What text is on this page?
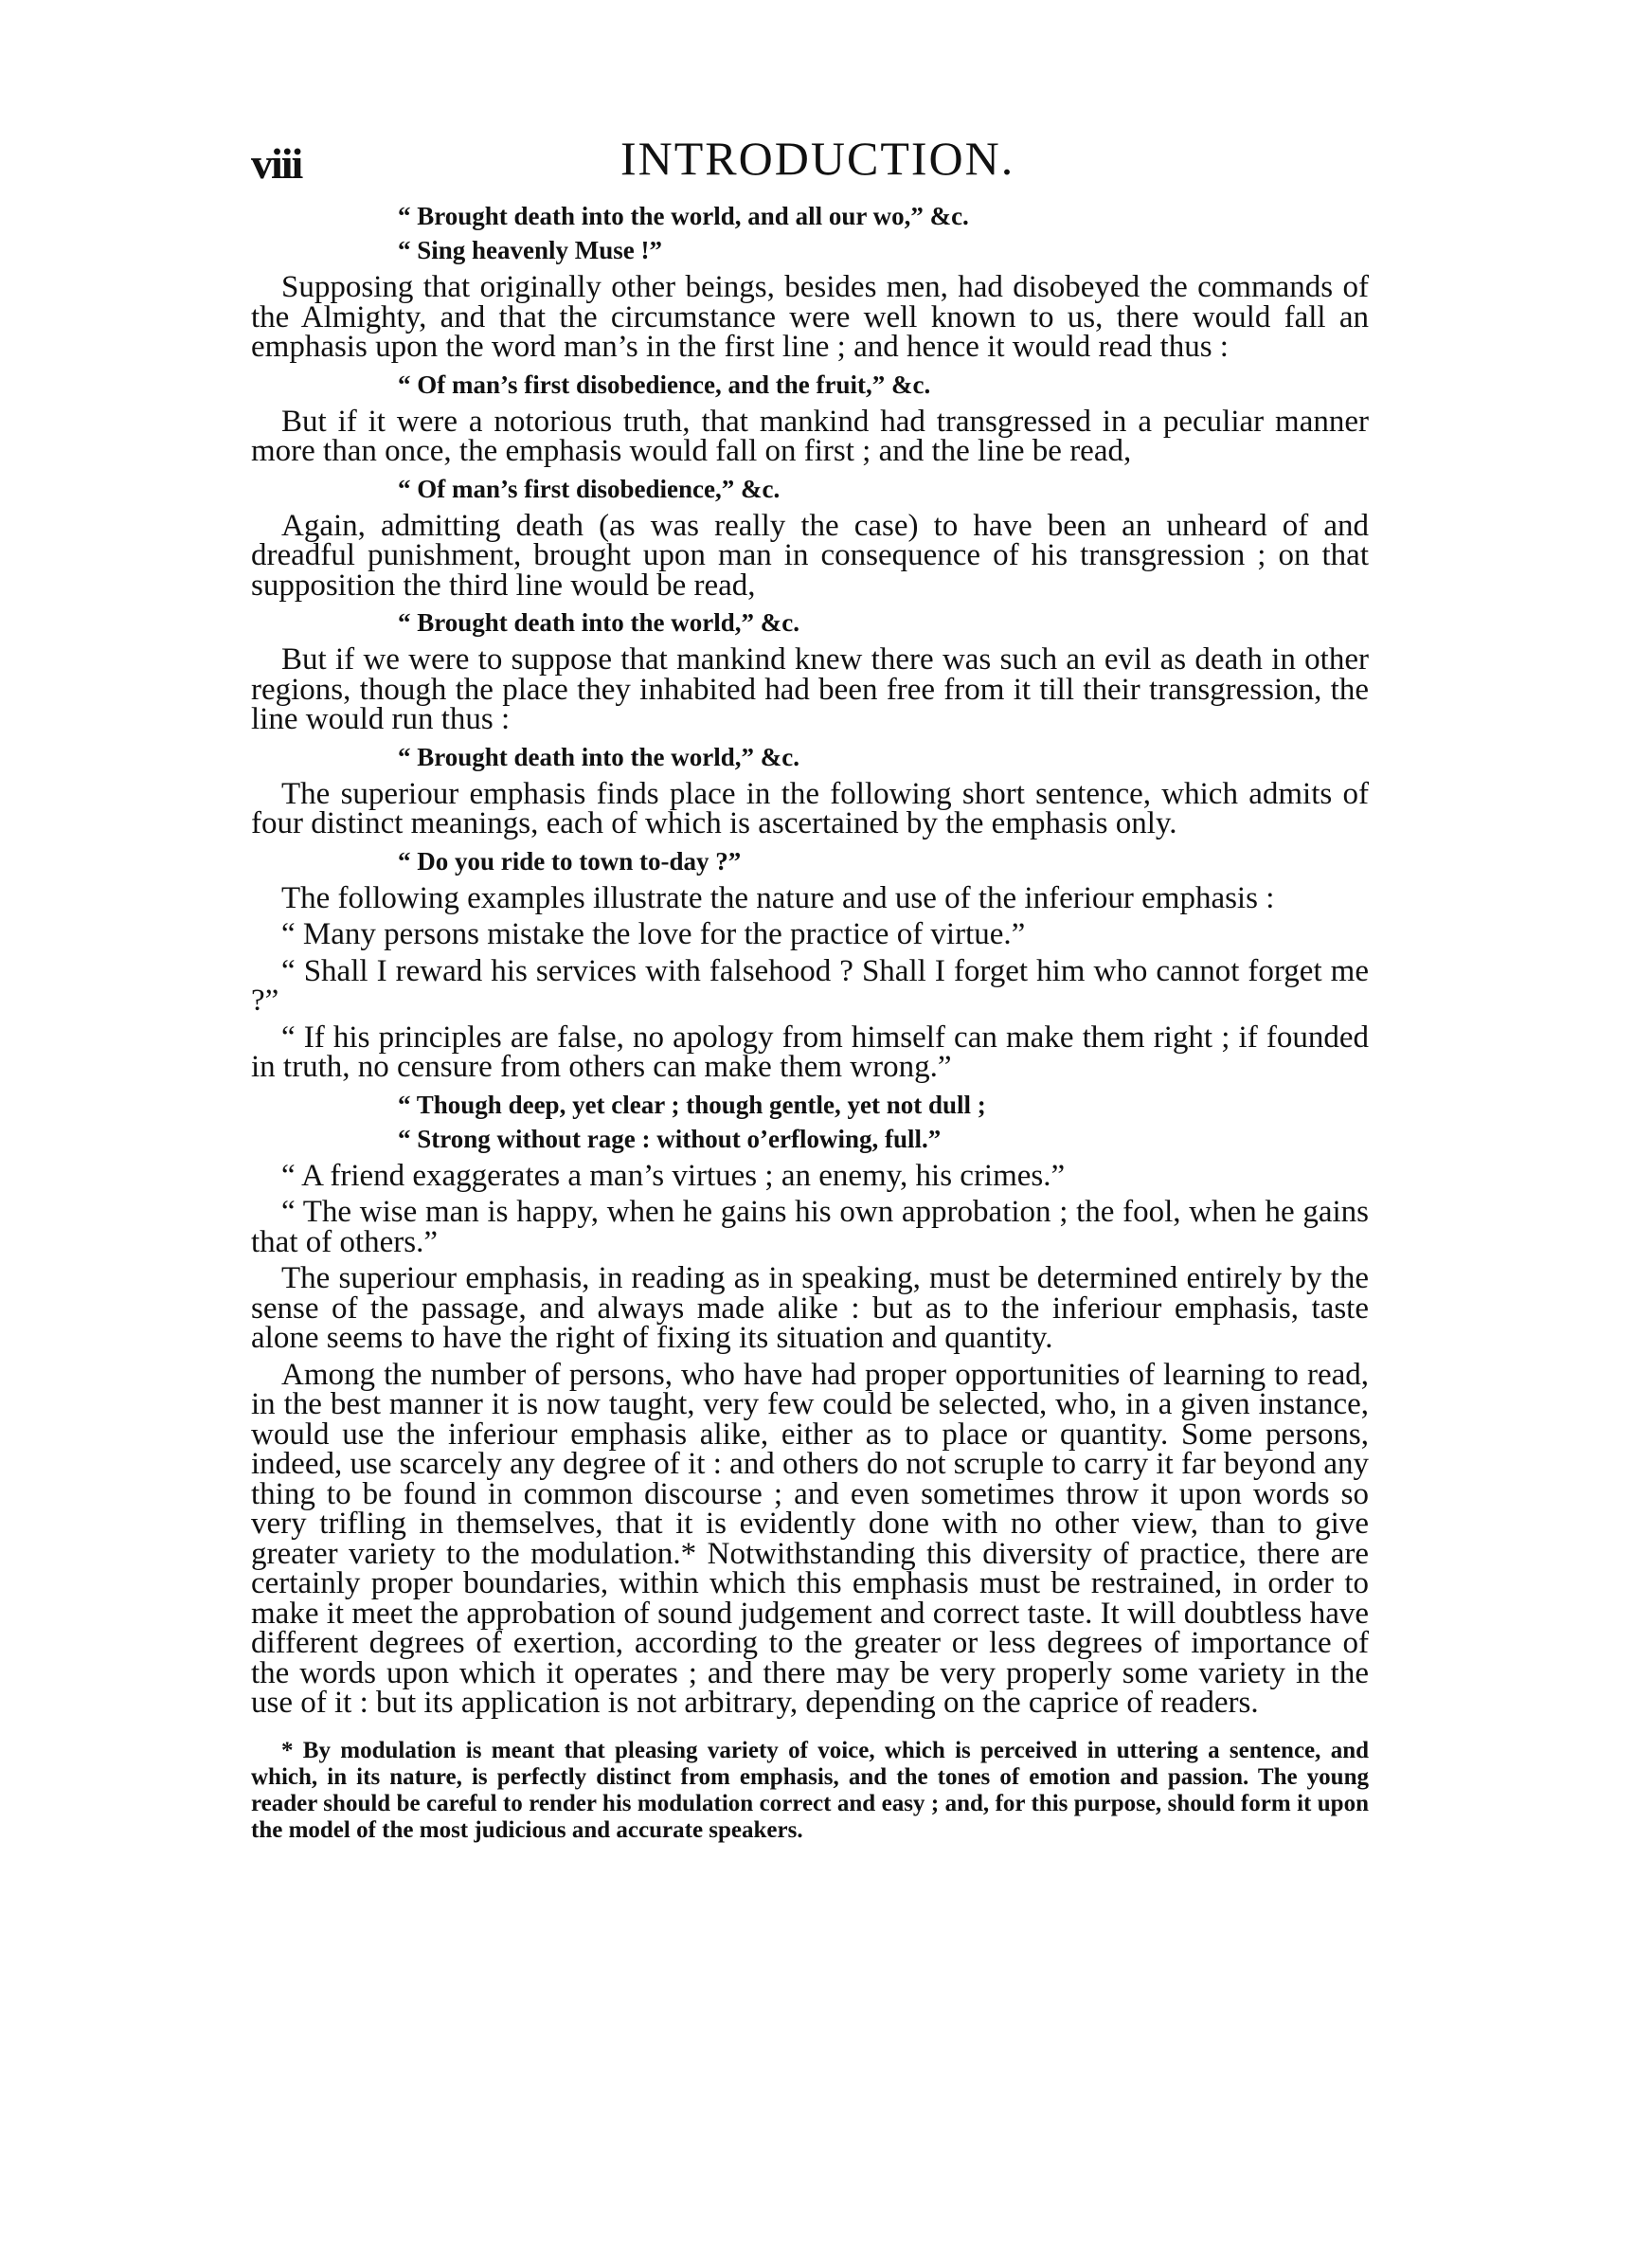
viii	INTRODUCTION.
“ Brought death into the world, and all our wo,” &c.
“ Sing heavenly Muse !”

Supposing that originally other beings, besides men, had disobeyed the commands of the Almighty, and that the circumstance were well known to us, there would fall an emphasis upon the word man’s in the first line ; and hence it would read thus :

“ Of man’s first disobedience, and the fruit,” &c.

But if it were a notorious truth, that mankind had transgressed in a peculiar manner more than once, the emphasis would fall on first ; and the line be read,

“ Of man’s first disobedience,” &c.

Again, admitting death (as was really the case) to have been an unheard of and dreadful punishment, brought upon man in consequence of his transgression ; on that supposition the third line would be read,

“ Brought death into the world,” &c.

But if we were to suppose that mankind knew there was such an evil as death in other regions, though the place they inhabited had been free from it till their transgression, the line would run thus :

“ Brought death into the world,” &c.

The superiour emphasis finds place in the following short sentence, which admits of four distinct meanings, each of which is ascertained by the emphasis only.

“ Do you ride to town to-day ?”

The following examples illustrate the nature and use of the inferiour emphasis :

“ Many persons mistake the love for the practice of virtue.”

“ Shall I reward his services with falsehood ? Shall I forget him who cannot forget me ?”

“ If his principles are false, no apology from himself can make them right ; if founded in truth, no censure from others can make them wrong.”

“ Though deep, yet clear ; though gentle, yet not dull ;
“ Strong without rage : without o’erflowing, full.”

“ A friend exaggerates a man’s virtues ; an enemy, his crimes.”

“ The wise man is happy, when he gains his own approbation ; the fool, when he gains that of others.”

The superiour emphasis, in reading as in speaking, must be determined entirely by the sense of the passage, and always made alike : but as to the inferiour emphasis, taste alone seems to have the right of fixing its situation and quantity.

Among the number of persons, who have had proper opportunities of learning to read, in the best manner it is now taught, very few could be selected, who, in a given instance, would use the inferiour emphasis alike, either as to place or quantity. Some persons, indeed, use scarcely any degree of it : and others do not scruple to carry it far beyond any thing to be found in common discourse ; and even sometimes throw it upon words so very trifling in themselves, that it is evidently done with no other view, than to give greater variety to the modulation.* Notwithstanding this diversity of practice, there are certainly proper boundaries, within which this emphasis must be restrained, in order to make it meet the approbation of sound judgement and correct taste. It will doubtless have different degrees of exertion, according to the greater or less degrees of importance of the words upon which it operates ; and there may be very properly some variety in the use of it : but its application is not arbitrary, depending on the caprice of readers.

* By modulation is meant that pleasing variety of voice, which is perceived in uttering a sentence, and which, in its nature, is perfectly distinct from emphasis, and the tones of emotion and passion. The young reader should be careful to render his modulation correct and easy ; and, for this purpose, should form it upon the model of the most judicious and accurate speakers.
